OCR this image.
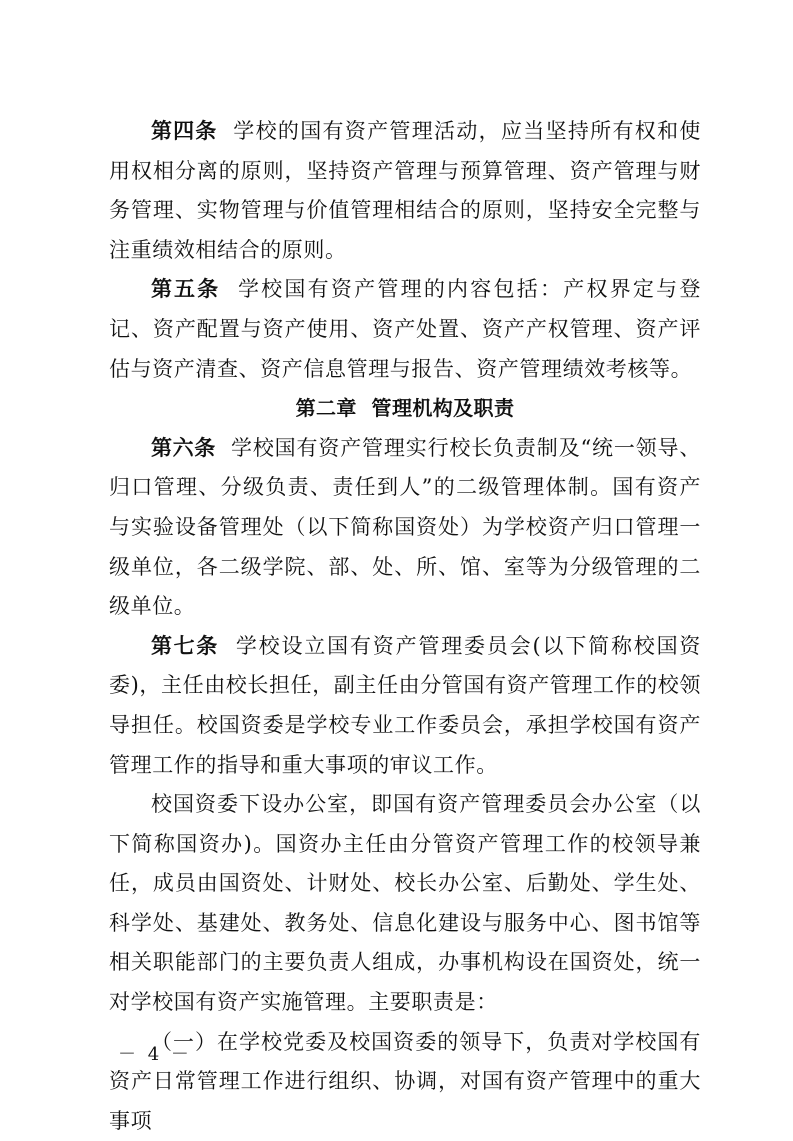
第四条 学校的国有资产管理活动，应当坚持所有权和使用权相分离的原则，坚持资产管理与预算管理、资产管理与财务管理、实物管理与价值管理相结合的原则，坚持安全完整与注重绩效相结合的原则。

第五条 学校国有资产管理的内容包括：产权界定与登记、资产配置与资产使用、资产处置、资产产权管理、资产评估与资产清查、资产信息管理与报告、资产管理绩效考核等。

第二章  管理机构及职责

第六条 学校国有资产管理实行校长负责制及“统一领导、归口管理、分级负责、责任到人”的二级管理体制。国有资产与实验设备管理处（以下简称国资处）为学校资产归口管理一级单位，各二级学院、部、处、所、馆、室等为分级管理的二级单位。

第七条 学校设立国有资产管理委员会(以下简称校国资委)，主任由校长担任，副主任由分管国有资产管理工作的校领导担任。校国资委是学校专业工作委员会，承担学校国有资产管理工作的指导和重大事项的审议工作。

校国资委下设办公室，即国有资产管理委员会办公室（以下简称国资办)。国资办主任由分管资产管理工作的校领导兼任，成员由国资处、计财处、校长办公室、后勤处、学生处、科学处、基建处、教务处、信息化建设与服务中心、图书馆等相关职能部门的主要负责人组成，办事机构设在国资处，统一对学校国有资产实施管理。主要职责是：

（一）在学校党委及校国资委的领导下，负责对学校国有资产日常管理工作进行组织、协调，对国有资产管理中的重大事项

－ 4 －
